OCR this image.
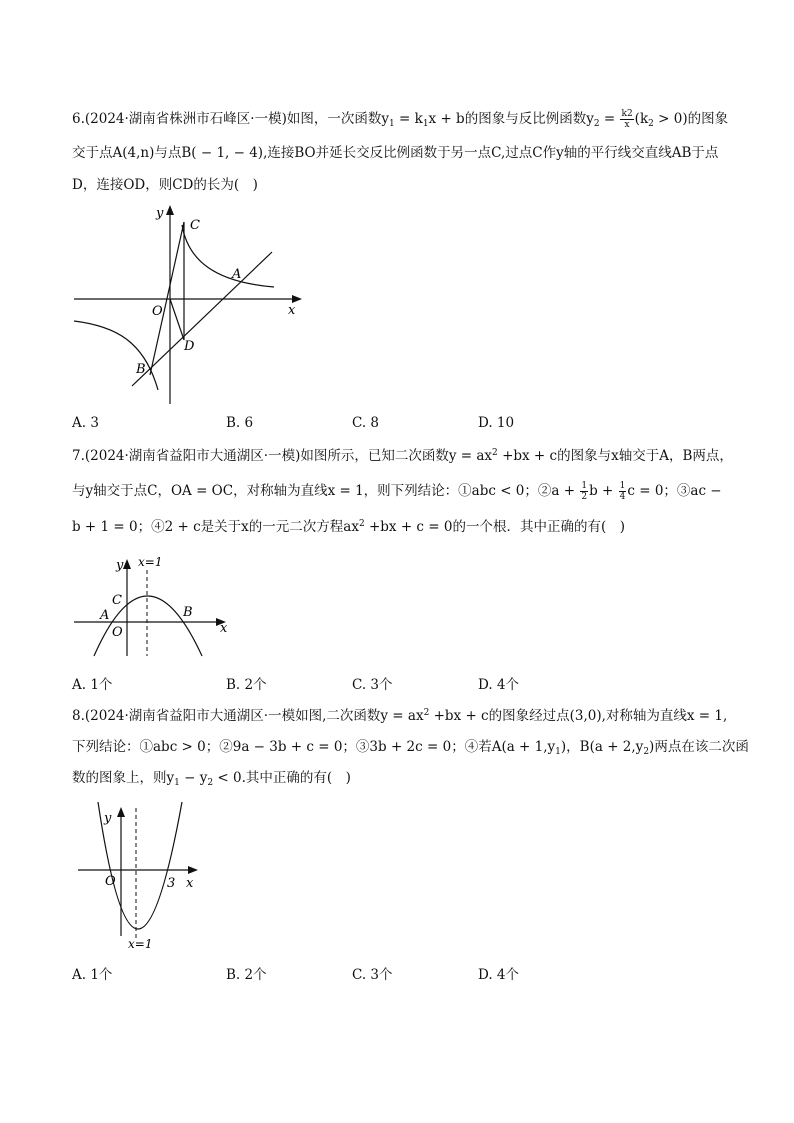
6.(2024·湖南省株洲市石峰区·一模)如图，一次函数$y_1 = k_1x + b$的图象与反比例函数$y_2 = \frac{k2}{x} (k_2 > 0)$的图象
交于点A(4,n)与点B( − 1, − 4),连接BO并延长交反比例函数于另一点C,过点C作y轴的平行线交直线AB于点
D，连接OD，则CD的长为(　)
y
x
O
C
A
D
B
A. 3	B. 6	C. 8	D. 10
7.(2024·湖南省益阳市大通湖区·一模)如图所示，已知二次函数$y = ax^2 +bx + c$的图象与x轴交于A，B两点，
与y轴交于点C，OA = OC，对称轴为直线x = 1，则下列结论：①abc < 0；②a + $\frac{1}{2}$ $b + \frac{1}{4}$ c = 0；③ac −
b + 1 = 0；④2 + c是关于x的一元二次方程$ax^2 +bx + c = 0$的一个根．其中正确的有(　)
y x=1
C
A	B
O	x
A. 1个	B. 2个	C. 3个	D. 4个
8.(2024·湖南省益阳市大通湖区·一模如图,二次函数$y = ax^2 +bx + c$的图象经过点(3,0),对称轴为直线x = 1,
下列结论：①abc > 0；②9a − 3b + c = 0；③3b + 2c = 0；④若$A(a + 1,y_1)$，$B(a + 2,y_2)$两点在该二次函
数的图象上，则$y_1 - y_2 < 0$.其中正确的有(　)
y
O	3 x
x=1
A. 1个	B. 2个	C. 3个	D. 4个
